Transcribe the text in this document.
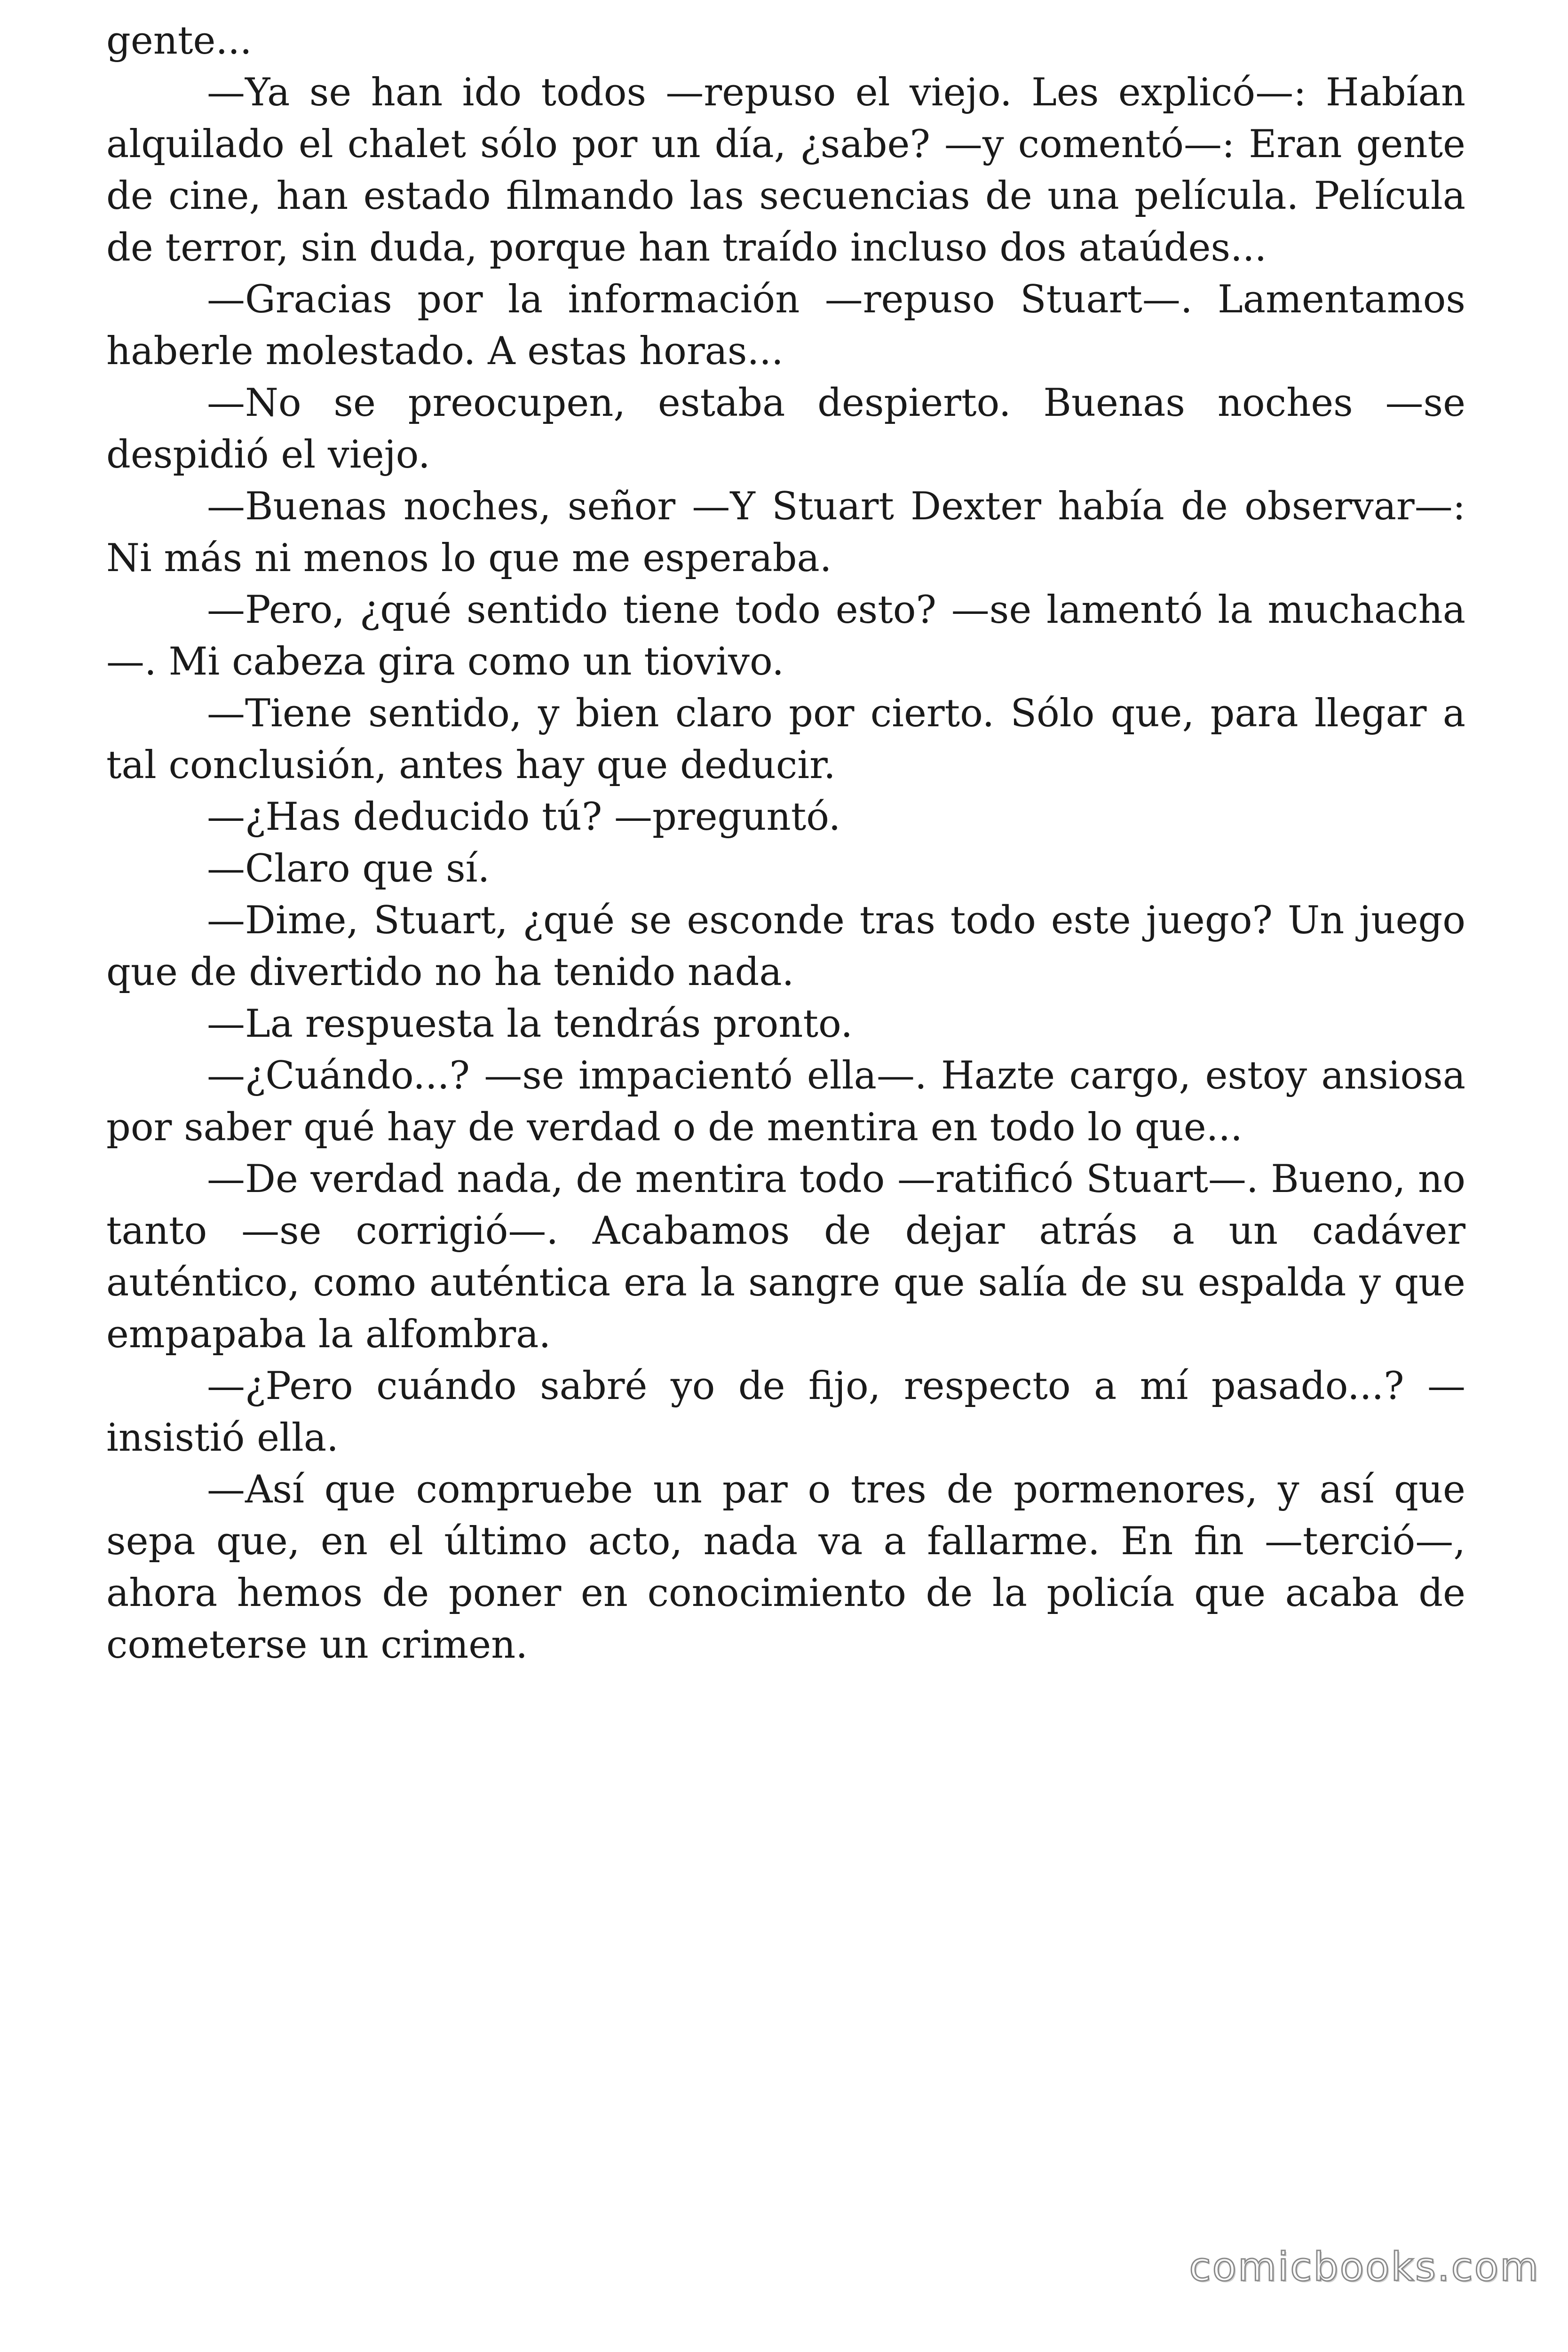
gente...

—Ya se han ido todos —repuso el viejo. Les explicó—: Habían alquilado el chalet sólo por un día, ¿sabe? —y comentó—: Eran gente de cine, han estado filmando las secuencias de una película. Película de terror, sin duda, porque han traído incluso dos ataúdes...

—Gracias por la información —repuso Stuart—. Lamentamos haberle molestado. A estas horas...

—No se preocupen, estaba despierto. Buenas noches —se despidió el viejo.

—Buenas noches, señor —Y Stuart Dexter había de observar—: Ni más ni menos lo que me esperaba.

—Pero, ¿qué sentido tiene todo esto? —se lamentó la muchacha —. Mi cabeza gira como un tiovivo.

—Tiene sentido, y bien claro por cierto. Sólo que, para llegar a tal conclusión, antes hay que deducir.

—¿Has deducido tú? —preguntó.

—Claro que sí.

—Dime, Stuart, ¿qué se esconde tras todo este juego? Un juego que de divertido no ha tenido nada.

—La respuesta la tendrás pronto.

—¿Cuándo...? —se impacientó ella—. Hazte cargo, estoy ansiosa por saber qué hay de verdad o de mentira en todo lo que...

—De verdad nada, de mentira todo —ratificó Stuart—. Bueno, no tanto —se corrigió—. Acabamos de dejar atrás a un cadáver auténtico, como auténtica era la sangre que salía de su espalda y que empapaba la alfombra.

—¿Pero cuándo sabré yo de fijo, respecto a mí pasado...? —insistió ella.

—Así que compruebe un par o tres de pormenores, y así que sepa que, en el último acto, nada va a fallarme. En fin —terció—, ahora hemos de poner en conocimiento de la policía que acaba de cometerse un crimen.

comicbooks.com
